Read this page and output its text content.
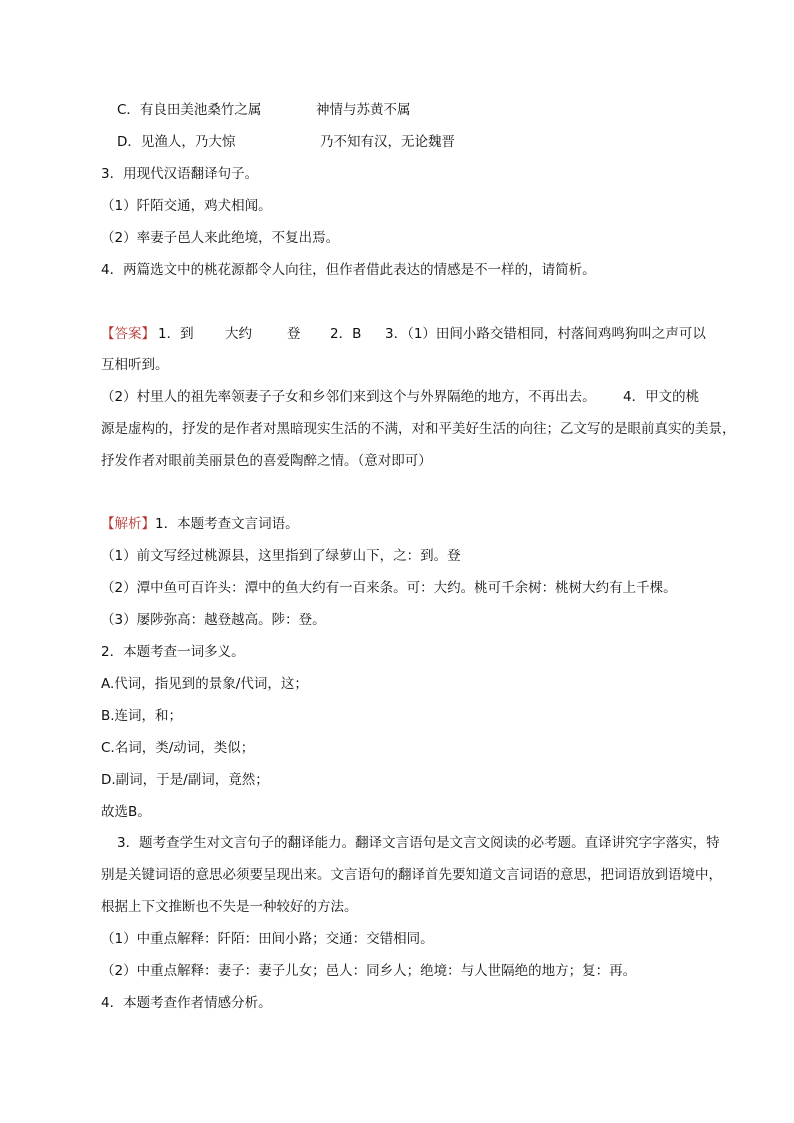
C．有良田美池桑竹之属	神情与苏黄不属
D．见渔人，乃大惊	乃不知有汉，无论魏晋
3．用现代汉语翻译句子。
（1）阡陌交通，鸡犬相闻。
（2）率妻子邑人来此绝境，不复出焉。
4．两篇选文中的桃花源都令人向往，但作者借此表达的情感是不一样的，请简析。
【答案】 1．到 大约	登 2．B 3．（1）田间小路交错相同，村落间鸡鸣狗叫之声可以
互相听到。
（2）村里人的祖先率领妻子子女和乡邻们来到这个与外界隔绝的地方，不再出去。 4．甲文的桃
源是虚构的，抒发的是作者对黑暗现实生活的不满，对和平美好生活的向往；乙文写的是眼前真实的美景，
抒发作者对眼前美丽景色的喜爱陶醉之情。（意对即可）
【解析】1．本题考查文言词语。
（1）前文写经过桃源县，这里指到了绿萝山下，之：到。登
（2）潭中鱼可百许头：潭中的鱼大约有一百来条。可：大约。桃可千余树：桃树大约有上千棵。
（3）屡陟弥高：越登越高。陟：登。
2．本题考查一词多义。
A.代词，指见到的景象/代词，这；
B.连词，和；
C.名词，类/动词，类似；
D.副词，于是/副词，竟然；
故选B。
3．题考查学生对文言句子的翻译能力。翻译文言语句是文言文阅读的必考题。直译讲究字字落实，特
别是关键词语的意思必须要呈现出来。文言语句的翻译首先要知道文言词语的意思，把词语放到语境中，
根据上下文推断也不失是一种较好的方法。
（1）中重点解释：阡陌：田间小路；交通：交错相同。
（2）中重点解释：妻子：妻子儿女；邑人：同乡人；绝境：与人世隔绝的地方；复：再。
4．本题考查作者情感分析。
